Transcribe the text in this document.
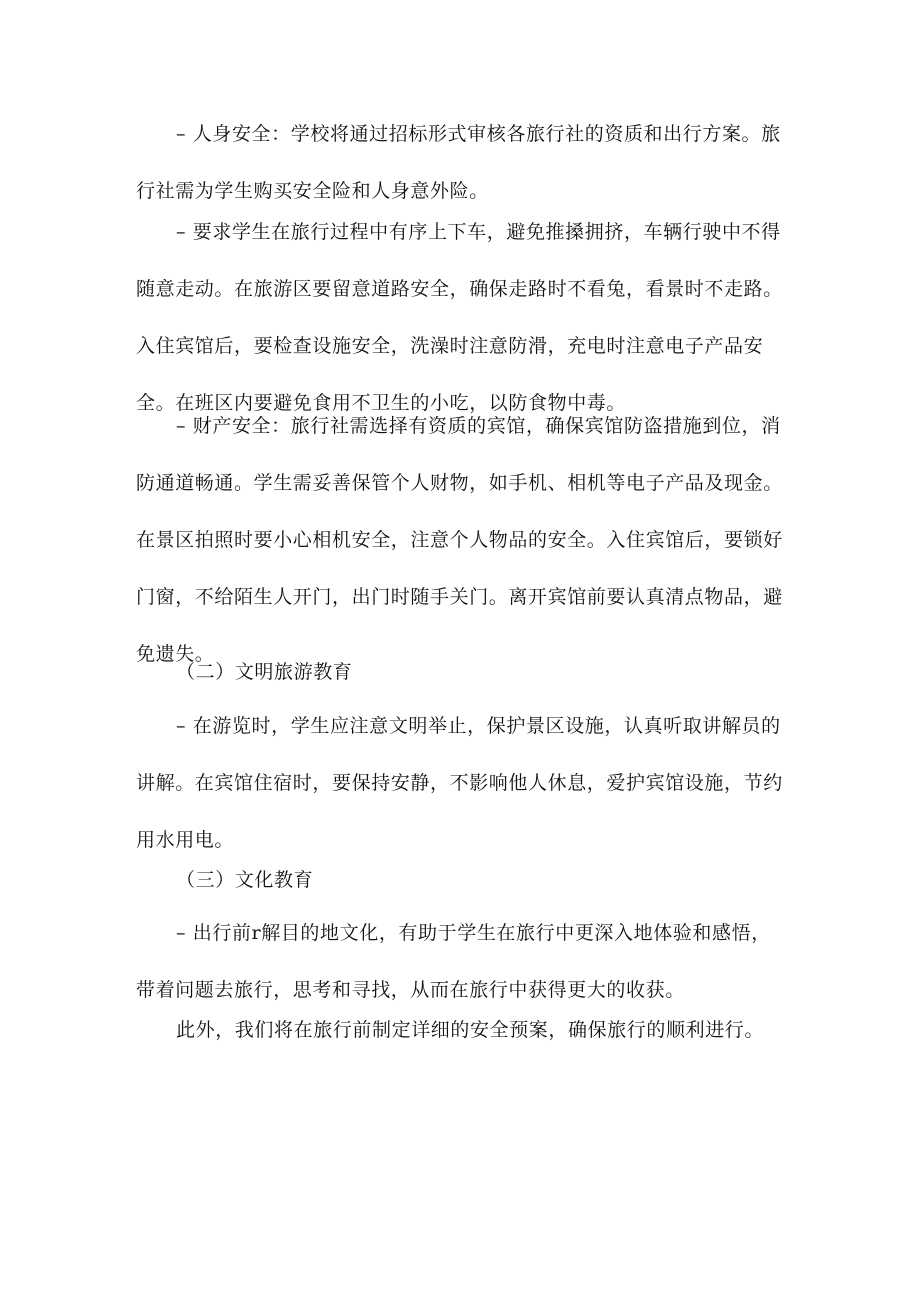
– 人身安全：学校将通过招标形式审核各旅行社的资质和出行方案。旅行社需为学生购买安全险和人身意外险。

– 要求学生在旅行过程中有序上下车，避免推搡拥挤，车辆行驶中不得随意走动。在旅游区要留意道路安全，确保走路时不看兔，看景时不走路。入住宾馆后，要检查设施安全，洗澡时注意防滑，充电时注意电子产品安全。在班区内要避免食用不卫生的小吃，以防食物中毒。

– 财产安全：旅行社需选择有资质的宾馆，确保宾馆防盗措施到位，消防通道畅通。学生需妥善保管个人财物，如手机、相机等电子产品及现金。在景区拍照时要小心相机安全，注意个人物品的安全。入住宾馆后，要锁好门窗，不给陌生人开门，出门时随手关门。离开宾馆前要认真清点物品，避免遗失。

（二）文明旅游教育

– 在游览时，学生应注意文明举止，保护景区设施，认真听取讲解员的讲解。在宾馆住宿时，要保持安静，不影响他人休息，爱护宾馆设施，节约用水用电。

（三）文化教育

– 出行前r解目的地文化，有助于学生在旅行中更深入地体验和感悟，带着问题去旅行，思考和寻找，从而在旅行中获得更大的收获。

此外，我们将在旅行前制定详细的安全预案，确保旅行的顺利进行。
